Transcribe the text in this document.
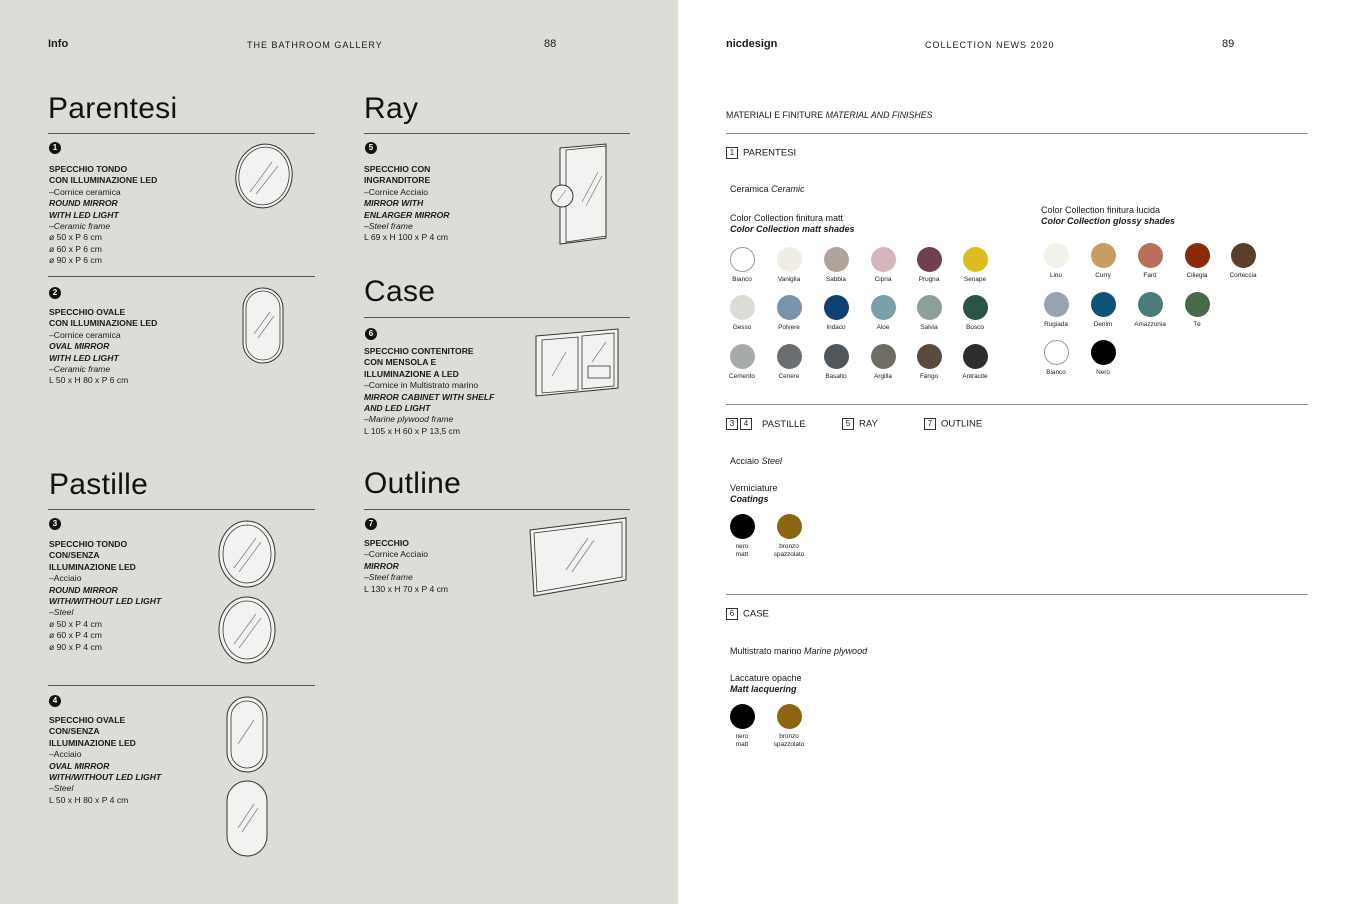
Info	THE BATHROOM GALLERY	88
Parentesi
1
SPECCHIO TONDO
CON ILLUMINAZIONE LED
–Cornice ceramica
ROUND MIRROR
WITH LED LIGHT
–Ceramic frame
ø 50 x P 6 cm
ø 60 x P 6 cm
ø 90 x P 6 cm
2
SPECCHIO OVALE
CON ILLUMINAZIONE LED
–Cornice ceramica
OVAL MIRROR
WITH LED LIGHT
–Ceramic frame
L 50 x H 80 x P 6 cm
Ray
5
SPECCHIO CON
INGRANDITORE
–Cornice Acciaio
MIRROR WITH
ENLARGER MIRROR
–Steel frame
L 69 x H 100 x P 4 cm
Case
6
SPECCHIO CONTENITORE
CON MENSOLA E
ILLUMINAZIONE A LED
–Cornice in Multistrato marino
MIRROR CABINET WITH SHELF
AND LED LIGHT
–Marine plywood frame
L 105 x H 60 x P 13,5 cm
Pastille
3
SPECCHIO TONDO
CON/SENZA
ILLUMINAZIONE LED
–Acciaio
ROUND MIRROR
WITH/WITHOUT LED LIGHT
–Steel
ø 50 x P 4 cm
ø 60 x P 4 cm
ø 90 x P 4 cm
4
SPECCHIO OVALE
CON/SENZA
ILLUMINAZIONE LED
–Acciaio
OVAL MIRROR
WITH/WITHOUT LED LIGHT
–Steel
L 50 x H 80 x P 4 cm
Outline
7
SPECCHIO
–Cornice Acciaio
MIRROR
–Steel frame
L 130 x H 70 x P 4 cm
nicdesign	COLLECTION NEWS 2020	89
MATERIALI E FINITURE MATERIAL AND FINISHES
1 PARENTESI
Ceramica Ceramic
Color Collection finitura matt
Color Collection matt shades
Bianco	Vaniglia	Sabbia	Cipria	Prugna	Senape
Gesso	Polvere	Indaco	Aloe	Salvia	Bosco
Cemento	Cenere	Basalto	Argilla	Fango	Antracite
Color Collection finitura lucida
Color Collection glossy shades
Lino	Curry	Fard	Ciliegia	Corteccia
Rugiada	Denim	Amazzonia	Tè
Bianco	Nero
3 4 PASTILLE	5 RAY	7 OUTLINE
Acciaio Steel
Verniciature
Coatings
nero
matt
bronzo
spazzolato
6 CASE
Multistrato marino Marine plywood
Laccature opache
Matt lacquering
nero
matt
bronzo
spazzolato
